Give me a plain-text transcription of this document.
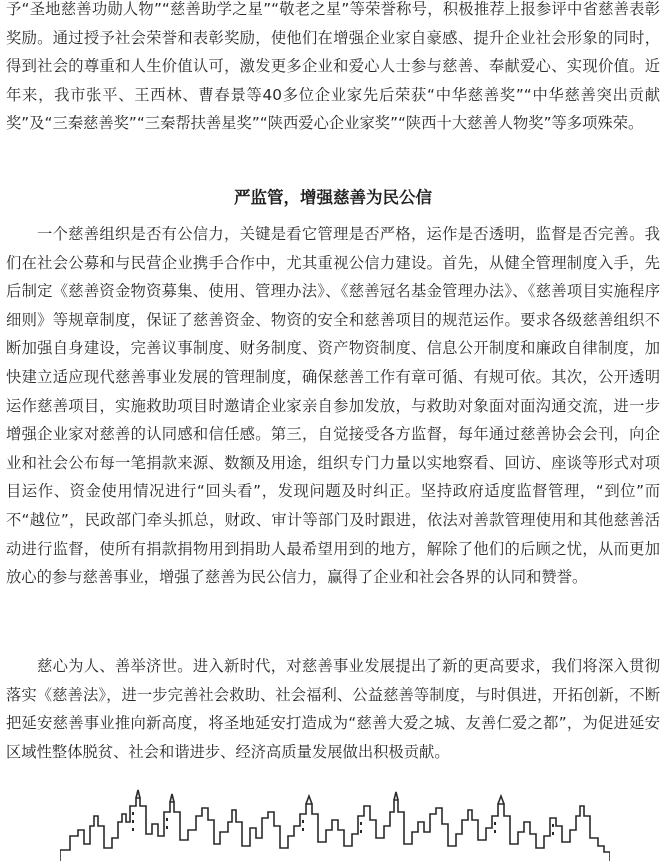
予“圣地慈善功勋人物”“慈善助学之星”“敬老之星”等荣誉称号，积极推荐上报参评中省慈善表彰奖励。通过授予社会荣誉和表彰奖励，使他们在增强企业家自豪感、提升企业社会形象的同时，得到社会的尊重和人生价值认可，激发更多企业和爱心人士参与慈善、奉献爱心、实现价值。近年来，我市张平、王西林、曹春景等40多位企业家先后荣获“中华慈善奖”“中华慈善突出贡献奖”及“三秦慈善奖”“三秦帮扶善星奖”“陕西爱心企业家奖”“陕西十大慈善人物奖”等多项殊荣。

严监管，增强慈善为民公信

一个慈善组织是否有公信力，关键是看它管理是否严格，运作是否透明，监督是否完善。我们在社会公募和与民营企业携手合作中，尤其重视公信力建设。首先，从健全管理制度入手，先后制定《慈善资金物资募集、使用、管理办法》、《慈善冠名基金管理办法》、《慈善项目实施程序细则》等规章制度，保证了慈善资金、物资的安全和慈善项目的规范运作。要求各级慈善组织不断加强自身建设，完善议事制度、财务制度、资产物资制度、信息公开制度和廉政自律制度，加快建立适应现代慈善事业发展的管理制度，确保慈善工作有章可循、有规可依。其次，公开透明运作慈善项目，实施救助项目时邀请企业家亲自参加发放，与救助对象面对面沟通交流，进一步增强企业家对慈善的认同感和信任感。第三，自觉接受各方监督，每年通过慈善协会会刊，向企业和社会公布每一笔捐款来源、数额及用途，组织专门力量以实地察看、回访、座谈等形式对项目运作、资金使用情况进行“回头看”，发现问题及时纠正。坚持政府适度监督管理，“到位”而不“越位”，民政部门牵头抓总，财政、审计等部门及时跟进，依法对善款管理使用和其他慈善活动进行监督，使所有捐款捐物用到捐助人最希望用到的地方，解除了他们的后顾之忧，从而更加放心的参与慈善事业，增强了慈善为民公信力，赢得了企业和社会各界的认同和赞誉。

慈心为人、善举济世。进入新时代，对慈善事业发展提出了新的更高要求，我们将深入贯彻落实《慈善法》，进一步完善社会救助、社会福利、公益慈善等制度，与时俱进，开拓创新，不断把延安慈善事业推向新高度，将圣地延安打造成为“慈善大爱之城、友善仁爱之都”，为促进延安区域性整体脱贫、社会和谐进步、经济高质量发展做出积极贡献。
